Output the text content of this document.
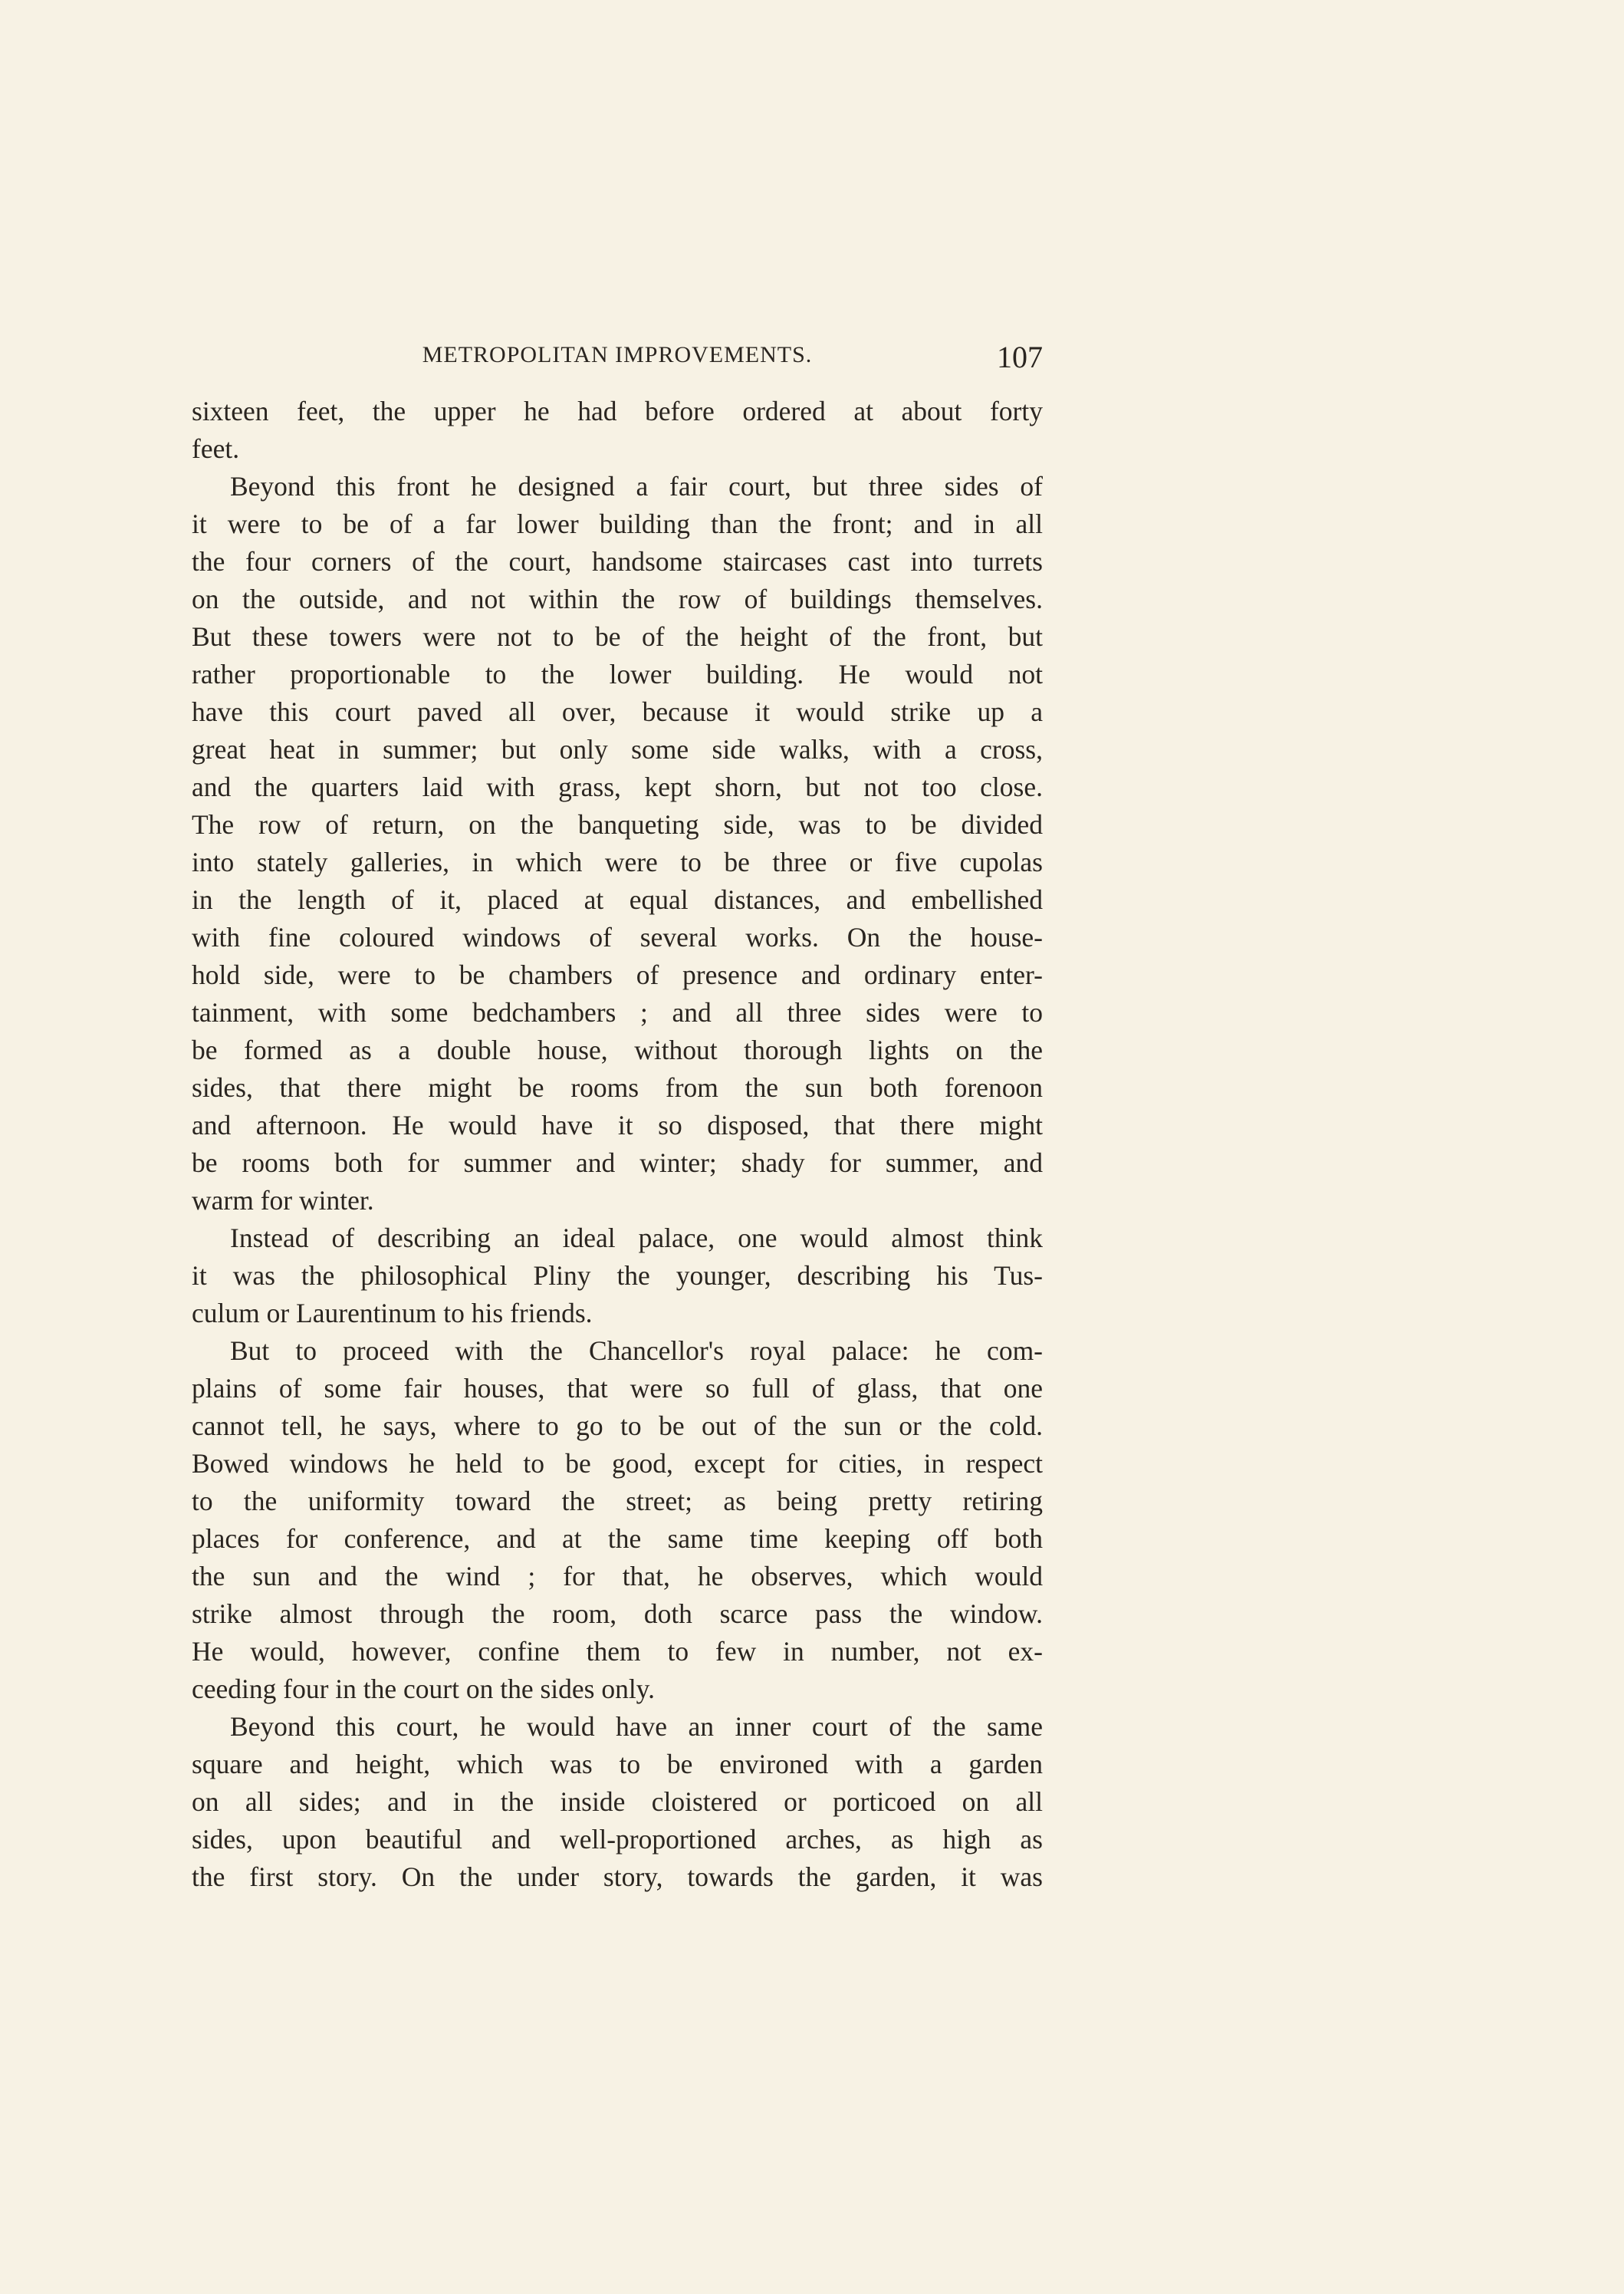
METROPOLITAN IMPROVEMENTS.	107
sixteen feet, the upper he had before ordered at about forty
feet.
Beyond this front he designed a fair court, but three sides of
it were to be of a far lower building than the front; and in all
the four corners of the court, handsome staircases cast into turrets
on the outside, and not within the row of buildings themselves.
But these towers were not to be of the height of the front, but
rather proportionable to the lower building. He would not
have this court paved all over, because it would strike up a
great heat in summer; but only some side walks, with a cross,
and the quarters laid with grass, kept shorn, but not too close.
The row of return, on the banqueting side, was to be divided
into stately galleries, in which were to be three or five cupolas
in the length of it, placed at equal distances, and embellished
with fine coloured windows of several works. On the house-
hold side, were to be chambers of presence and ordinary enter-
tainment, with some bedchambers ; and all three sides were to
be formed as a double house, without thorough lights on the
sides, that there might be rooms from the sun both forenoon
and afternoon. He would have it so disposed, that there might
be rooms both for summer and winter; shady for summer, and
warm for winter.
Instead of describing an ideal palace, one would almost think
it was the philosophical Pliny the younger, describing his Tus-
culum or Laurentinum to his friends.
But to proceed with the Chancellor's royal palace: he com-
plains of some fair houses, that were so full of glass, that one
cannot tell, he says, where to go to be out of the sun or the cold.
Bowed windows he held to be good, except for cities, in respect
to the uniformity toward the street; as being pretty retiring
places for conference, and at the same time keeping off both
the sun and the wind ; for that, he observes, which would
strike almost through the room, doth scarce pass the window.
He would, however, confine them to few in number, not ex-
ceeding four in the court on the sides only.
Beyond this court, he would have an inner court of the same
square and height, which was to be environed with a garden
on all sides; and in the inside cloistered or porticoed on all
sides, upon beautiful and well-proportioned arches, as high as
the first story. On the under story, towards the garden, it was
